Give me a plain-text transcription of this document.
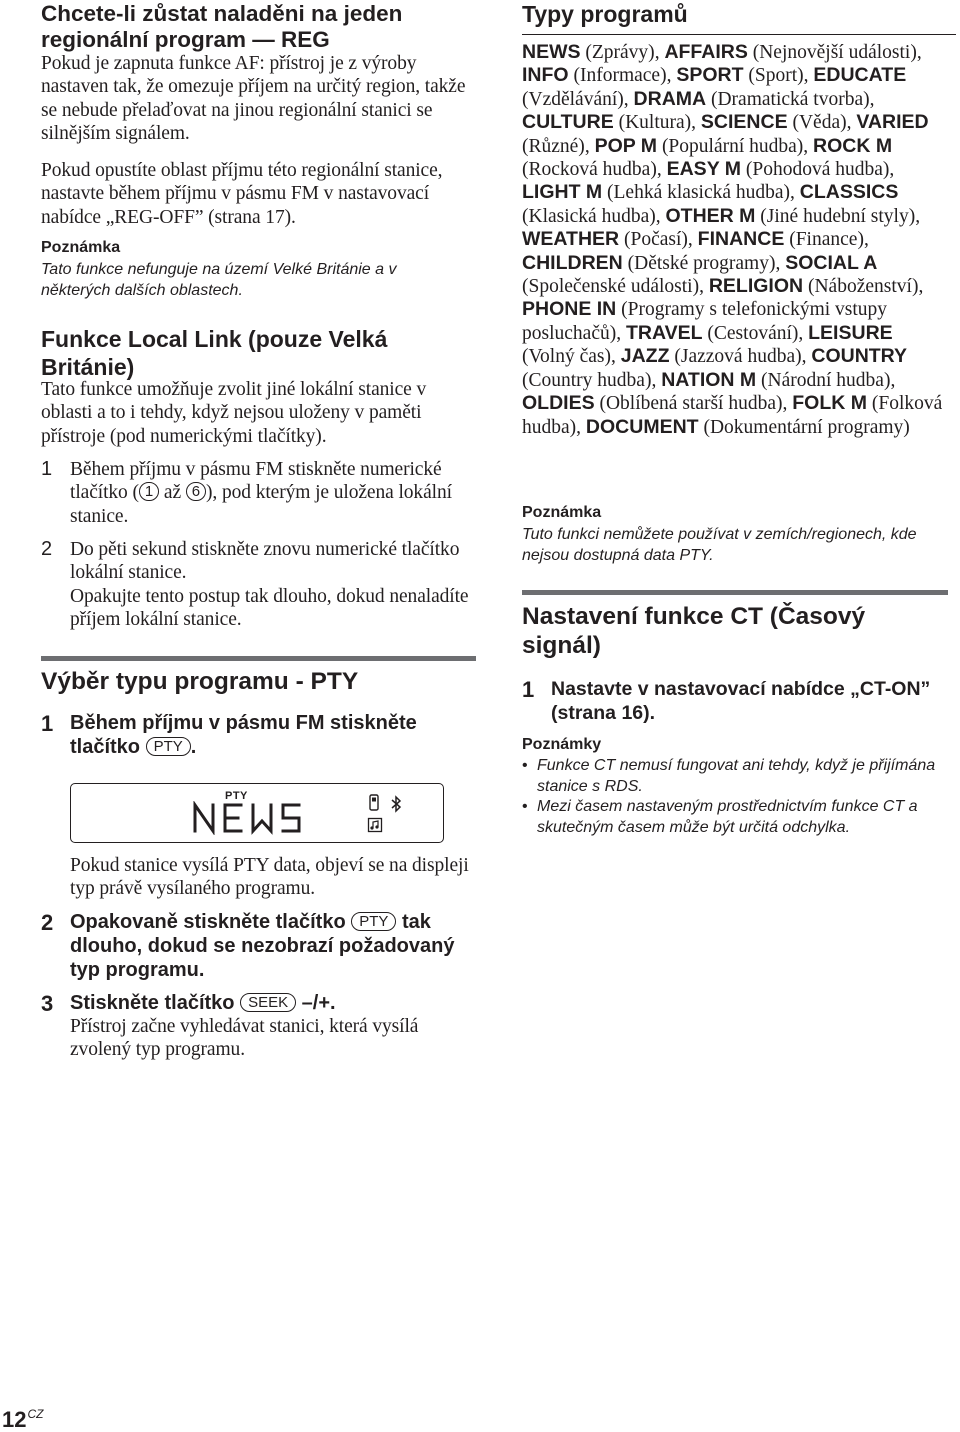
Chcete-li zůstat naladěni na jeden regionální program — REG

Pokud je zapnuta funkce AF: přístroj je z výroby nastaven tak, že omezuje příjem na určitý region, takže se nebude přelaďovat na jinou regionální stanici se silnějším signálem.

Pokud opustíte oblast příjmu této regionální stanice, nastavte během příjmu v pásmu FM v nastavovací nabídce „REG-OFF” (strana 17).

Poznámka

Tato funkce nefunguje na území Velké Británie a v některých dalších oblastech.

Funkce Local Link (pouze Velká Británie)

Tato funkce umožňuje zvolit jiné lokální stanice v oblasti a to i tehdy, když nejsou uloženy v paměti přístroje (pod numerickými tlačítky).

1 Během příjmu v pásmu FM stiskněte numerické tlačítko ( 1 až 6 ), pod kterým je uložena lokální stanice.

2 Do pěti sekund stiskněte znovu numerické tlačítko lokální stanice.

Opakujte tento postup tak dlouho, dokud nenaladíte příjem lokální stanice.

Výběr typu programu - PTY
1 Během příjmu v pásmu FM stiskněte tlačítko PTY .

PTY

Pokud stanice vysílá PTY data, objeví se na displeji typ právě vysílaného programu.

2 Opakovaně stiskněte tlačítko PTY tak dlouho, dokud se nezobrazí požadovaný typ programu.

3 Stiskněte tlačítko SEEK –/+.

Přístroj začne vyhledávat stanici, která vysílá zvolený typ programu.

Typy programů

NEWS (Zprávy), AFFAIRS (Nejnovější události), INFO (Informace), SPORT (Sport), EDUCATE (Vzdělávání), DRAMA (Dramatická tvorba), CULTURE (Kultura), SCIENCE (Věda), VARIED (Různé), POP M (Populární hudba), ROCK M (Rocková hudba), EASY M (Pohodová hudba), LIGHT M (Lehká klasická hudba), CLASSICS (Klasická hudba), OTHER M (Jiné hudební styly), WEATHER (Počasí), FINANCE (Finance), CHILDREN (Dětské programy), SOCIAL A (Společenské události), RELIGION (Náboženství), PHONE IN (Programy s telefonickými vstupy posluchačů), TRAVEL (Cestování), LEISURE (Volný čas), JAZZ (Jazzová hudba), COUNTRY (Country hudba), NATION M (Národní hudba), OLDIES (Oblíbená starší hudba), FOLK M (Folková hudba), DOCUMENT (Dokumentární programy)

Poznámka

Tuto funkci nemůžete používat v zemích/regionech, kde nejsou dostupná data PTY.

Nastavení funkce CT (Časový signál)
1 Nastavte v nastavovací nabídce „CT-ON” (strana 16).

Poznámky

• Funkce CT nemusí fungovat ani tehdy, když je přijímána stanice s RDS.

• Mezi časem nastaveným prostřednictvím funkce CT a skutečným časem může být určitá odchylka.

$12^{CZ}$
